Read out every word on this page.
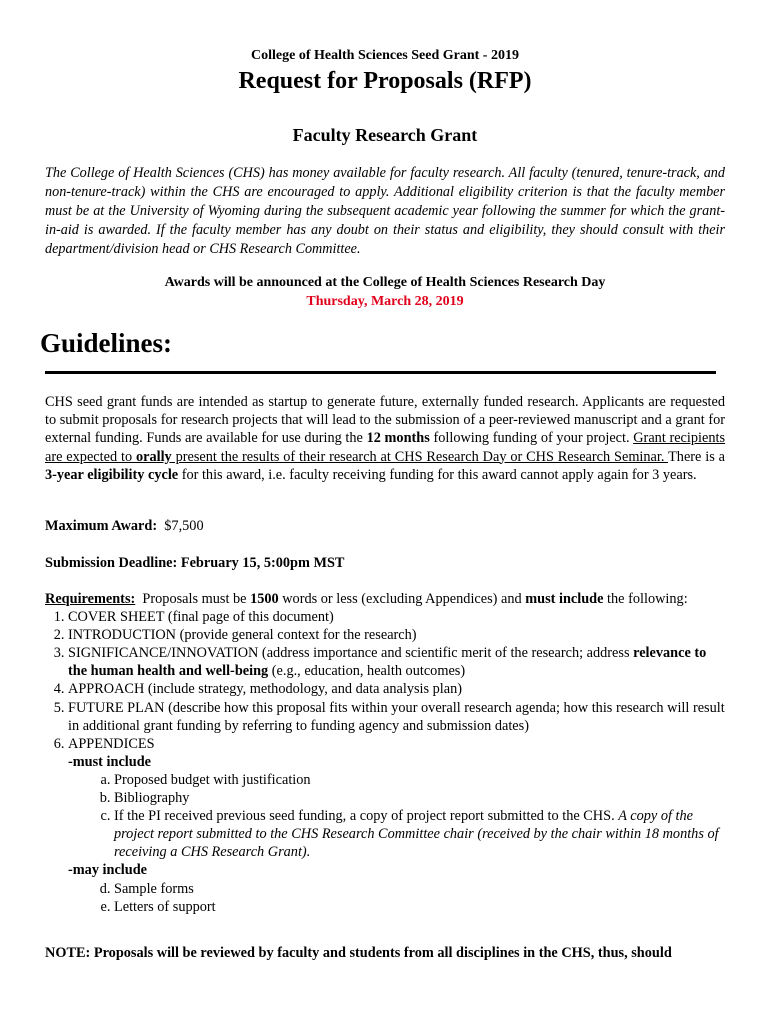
College of Health Sciences Seed Grant - 2019
Request for Proposals (RFP)
Faculty Research Grant
The College of Health Sciences (CHS) has money available for faculty research. All faculty (tenured, tenure-track, and non-tenure-track) within the CHS are encouraged to apply. Additional eligibility criterion is that the faculty member must be at the University of Wyoming during the subsequent academic year following the summer for which the grant-in-aid is awarded. If the faculty member has any doubt on their status and eligibility, they should consult with their department/division head or CHS Research Committee.
Awards will be announced at the College of Health Sciences Research Day
Thursday, March 28, 2019
Guidelines:
CHS seed grant funds are intended as startup to generate future, externally funded research. Applicants are requested to submit proposals for research projects that will lead to the submission of a peer-reviewed manuscript and a grant for external funding. Funds are available for use during the 12 months following funding of your project. Grant recipients are expected to orally present the results of their research at CHS Research Day or CHS Research Seminar. There is a 3-year eligibility cycle for this award, i.e. faculty receiving funding for this award cannot apply again for 3 years.
Maximum Award:  $7,500
Submission Deadline: February 15, 5:00pm MST
Requirements:  Proposals must be 1500 words or less (excluding Appendices) and must include the following:
1. COVER SHEET (final page of this document)
2. INTRODUCTION (provide general context for the research)
3. SIGNIFICANCE/INNOVATION (address importance and scientific merit of the research; address relevance to the human health and well-being (e.g., education, health outcomes)
4. APPROACH (include strategy, methodology, and data analysis plan)
5. FUTURE PLAN (describe how this proposal fits within your overall research agenda; how this research will result in additional grant funding by referring to funding agency and submission dates)
6. APPENDICES
-must include
a. Proposed budget with justification
b. Bibliography
c. If the PI received previous seed funding, a copy of project report submitted to the CHS. A copy of the project report submitted to the CHS Research Committee chair (received by the chair within 18 months of receiving a CHS Research Grant).
-may include
d. Sample forms
e. Letters of support
NOTE: Proposals will be reviewed by faculty and students from all disciplines in the CHS, thus, should
